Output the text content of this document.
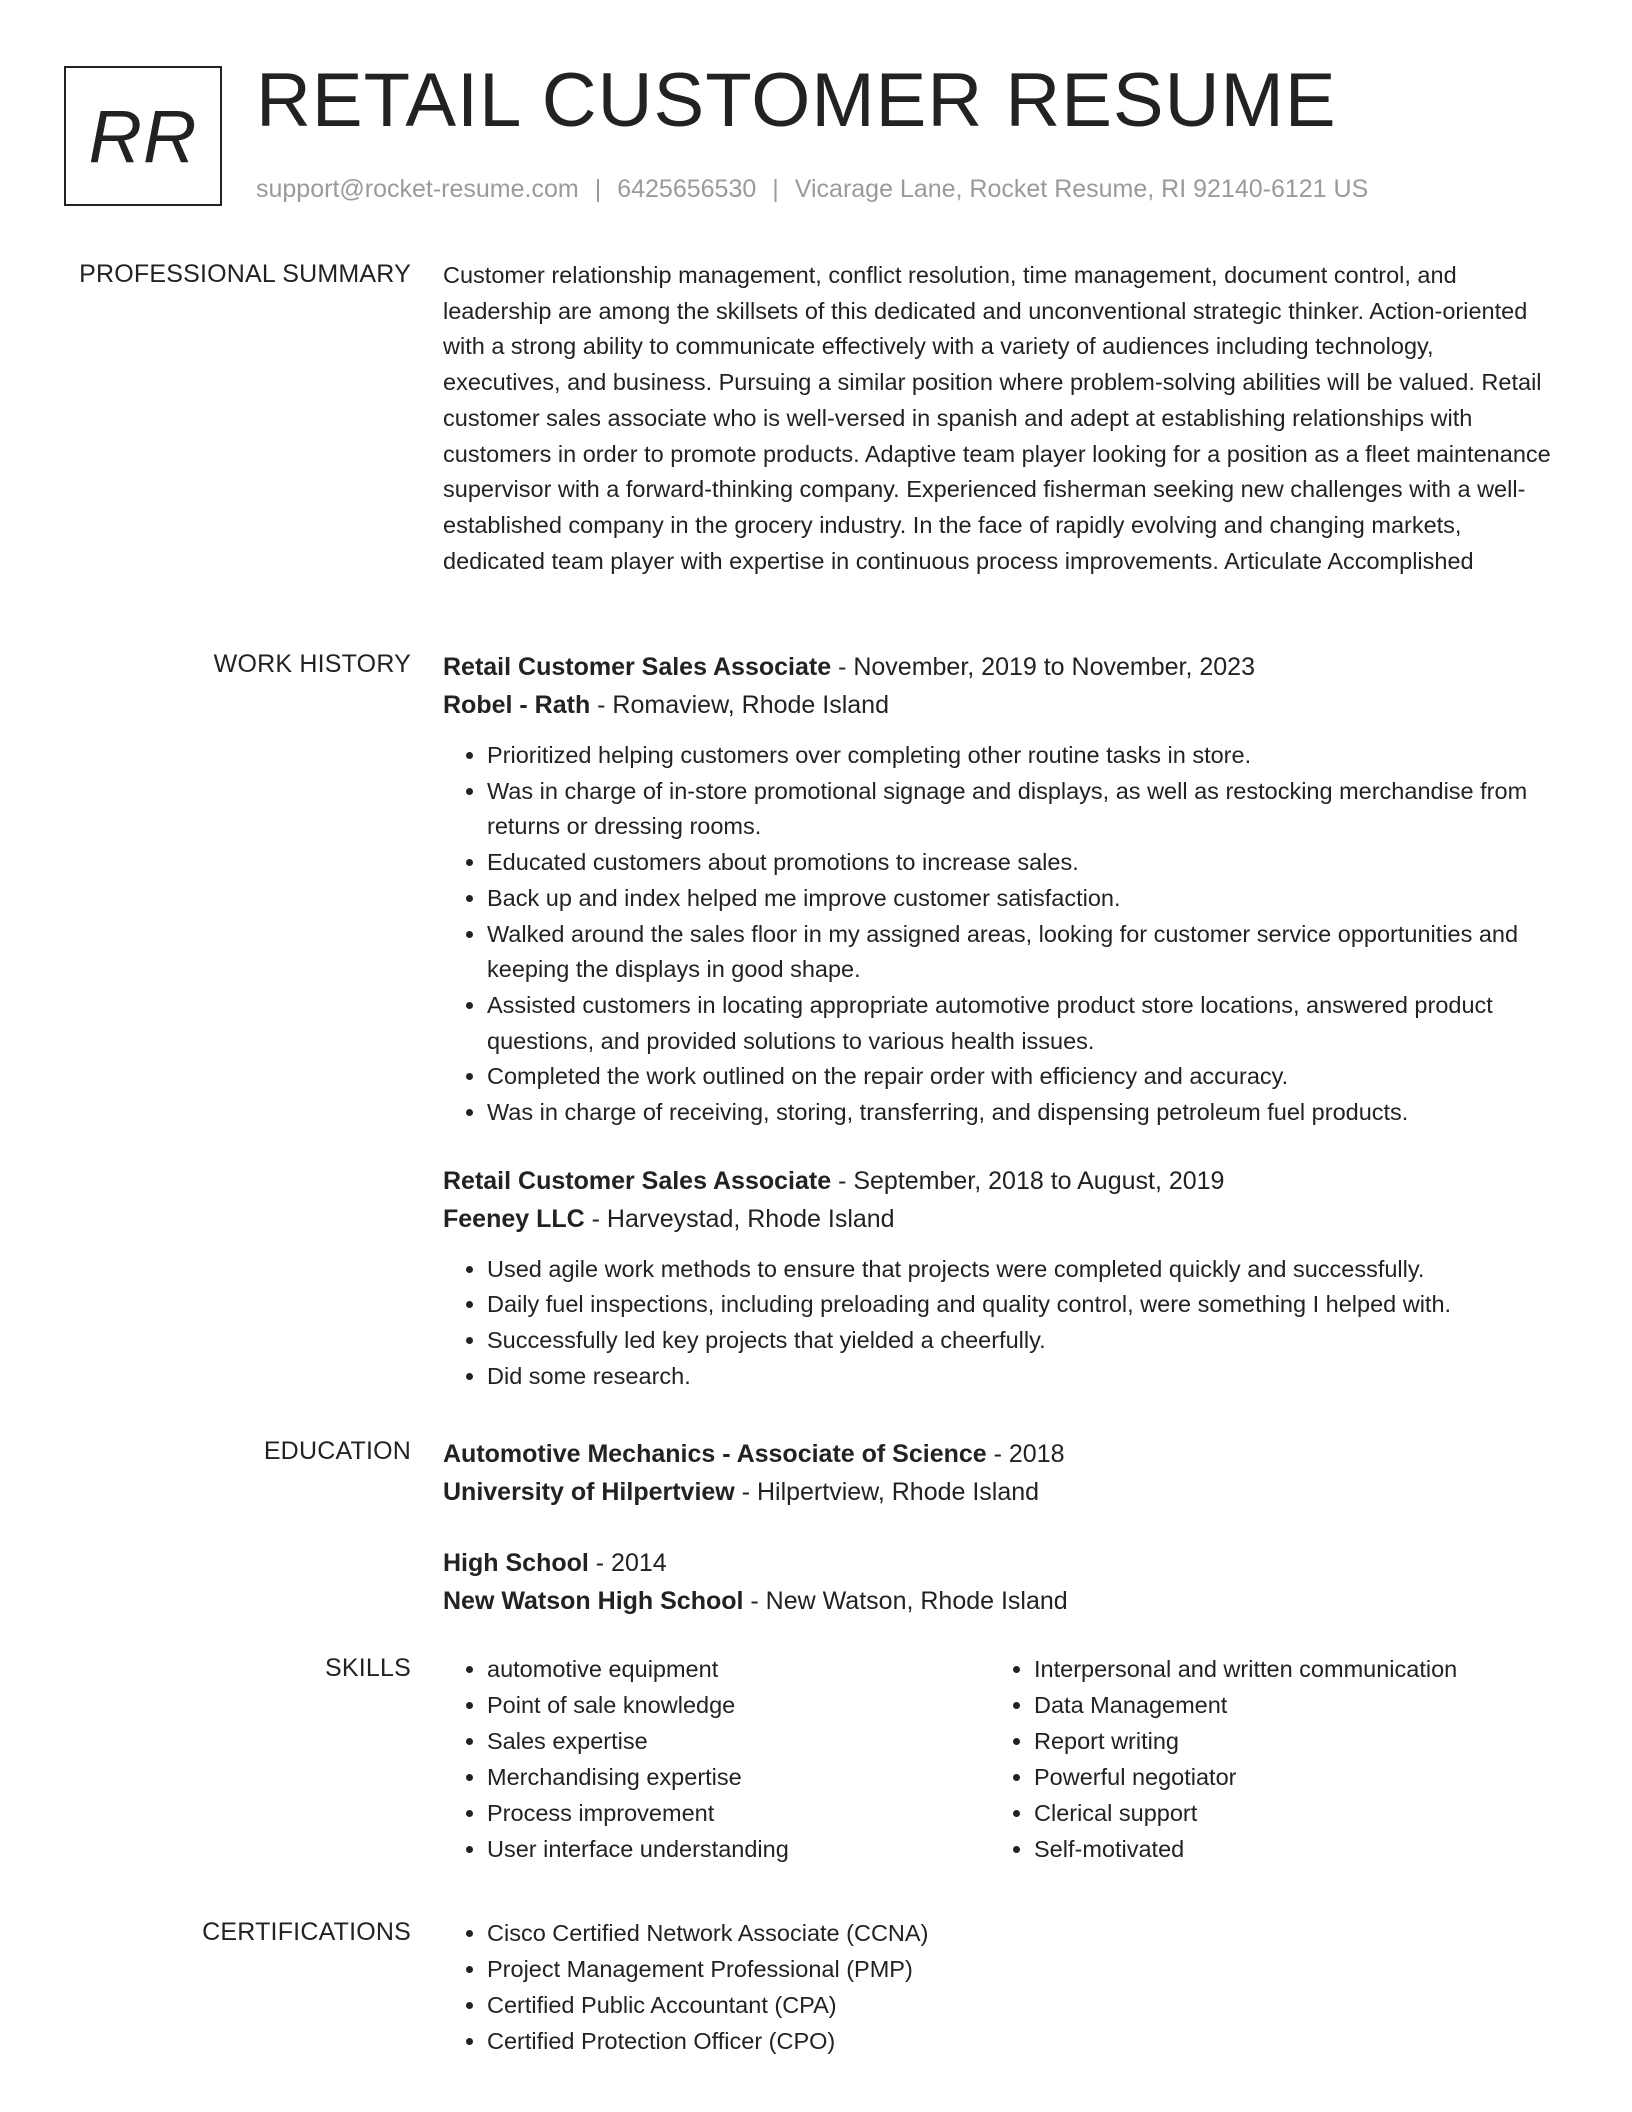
RR RETAIL CUSTOMER RESUME
support@rocket-resume.com | 6425656530 | Vicarage Lane, Rocket Resume, RI 92140-6121 US
PROFESSIONAL SUMMARY Customer relationship management, conflict resolution, time management, document control, and leadership are among the skillsets of this dedicated and unconventional strategic thinker. Action-oriented with a strong ability to communicate effectively with a variety of audiences including technology, executives, and business. Pursuing a similar position where problem-solving abilities will be valued. Retail customer sales associate who is well-versed in spanish and adept at establishing relationships with customers in order to promote products. Adaptive team player looking for a position as a fleet maintenance supervisor with a forward-thinking company. Experienced fisherman seeking new challenges with a well-established company in the grocery industry. In the face of rapidly evolving and changing markets, dedicated team player with expertise in continuous process improvements. Articulate Accomplished

WORK HISTORY Retail Customer Sales Associate - November, 2019 to November, 2023
Robel - Rath - Romaview, Rhode Island
• Prioritized helping customers over completing other routine tasks in store.
• Was in charge of in-store promotional signage and displays, as well as restocking merchandise from returns or dressing rooms.
• Educated customers about promotions to increase sales.
• Back up and index helped me improve customer satisfaction.
• Walked around the sales floor in my assigned areas, looking for customer service opportunities and keeping the displays in good shape.
• Assisted customers in locating appropriate automotive product store locations, answered product questions, and provided solutions to various health issues.
• Completed the work outlined on the repair order with efficiency and accuracy.
• Was in charge of receiving, storing, transferring, and dispensing petroleum fuel products.
Retail Customer Sales Associate - September, 2018 to August, 2019
Feeney LLC - Harveystad, Rhode Island
• Used agile work methods to ensure that projects were completed quickly and successfully.
• Daily fuel inspections, including preloading and quality control, were something I helped with.
• Successfully led key projects that yielded a cheerfully.
• Did some research.
EDUCATION Automotive Mechanics - Associate of Science - 2018
University of Hilpertview - Hilpertview, Rhode Island
High School - 2014
New Watson High School - New Watson, Rhode Island
SKILLS	• automotive equipment
• Point of sale knowledge
• Sales expertise
• Merchandising expertise
• Process improvement
• User interface understanding
• Interpersonal and written communication
• Data Management
• Report writing
• Powerful negotiator
• Clerical support
• Self-motivated
CERTIFICATIONS	• Cisco Certified Network Associate (CCNA)
• Project Management Professional (PMP)
• Certified Public Accountant (CPA)
• Certified Protection Officer (CPO)
